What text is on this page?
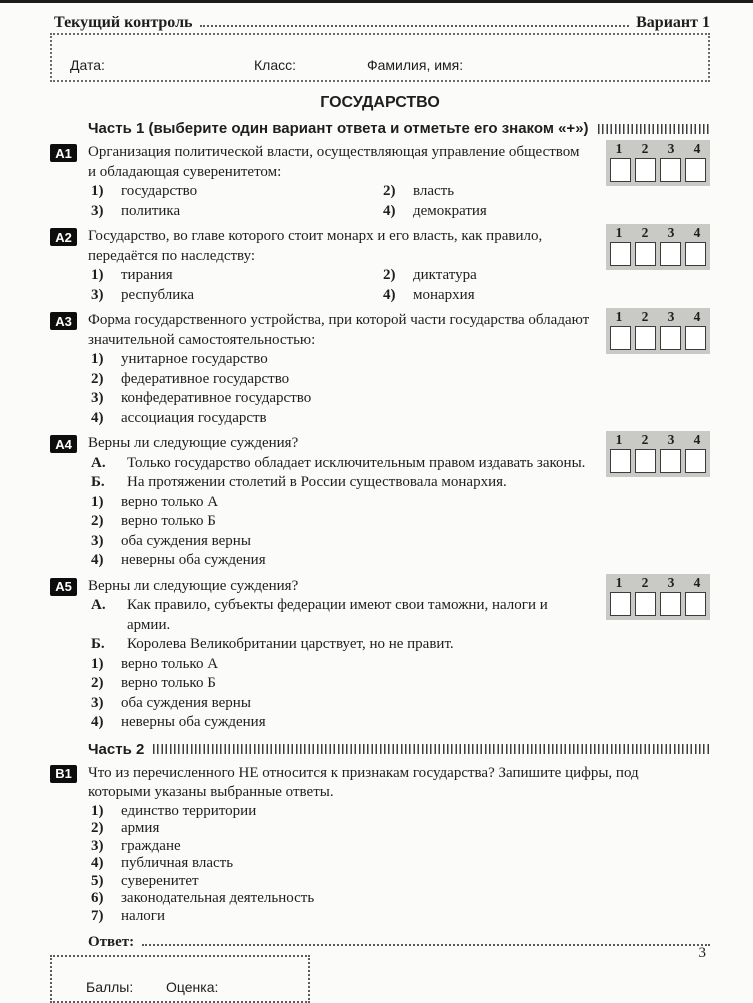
Текущий контроль	Вариант 1
Дата:	Класс:	Фамилия, имя:
ГОСУДАРСТВО
Часть 1 (выберите один вариант ответа и отметьте его знаком «+»)
А1	1	2	3	4
Организация политической власти, осуществляющая управление обществом и обладающая суверенитетом:
1)	государство	2)	власть
3)	политика	4)	демократия
А2	1	2	3	4
Государство, во главе которого стоит монарх и его власть, как правило, передаётся по наследству:
1)	тирания	2)	диктатура
3)	республика	4)	монархия
А3	1	2	3	4
Форма государственного устройства, при которой части государства обладают значительной самостоятельностью:
1)	унитарное государство
2)	федеративное государство
3)	конфедеративное государство
4)	ассоциация государств
А4	1	2	3	4
Верны ли следующие суждения?
А.	Только государство обладает исключительным правом издавать законы.
Б.	На протяжении столетий в России существовала монархия.
1)	верно только А
2)	верно только Б
3)	оба суждения верны
4)	неверны оба суждения
А5	1	2	3	4
Верны ли следующие суждения?
А.	Как правило, субъекты федерации имеют свои таможни, налоги и армии.
Б.	Королева Великобритании царствует, но не правит.
1)	верно только А
2)	верно только Б
3)	оба суждения верны
4)	неверны оба суждения
Часть 2
В1	Что из перечисленного НЕ относится к признакам государства? Запишите цифры, под которыми указаны выбранные ответы.
1)	единство территории
2)	армия
3)	граждане
4)	публичная власть
5)	суверенитет
6)	законодательная деятельность
7)	налоги
Ответ:
Баллы:	Оценка:
3
